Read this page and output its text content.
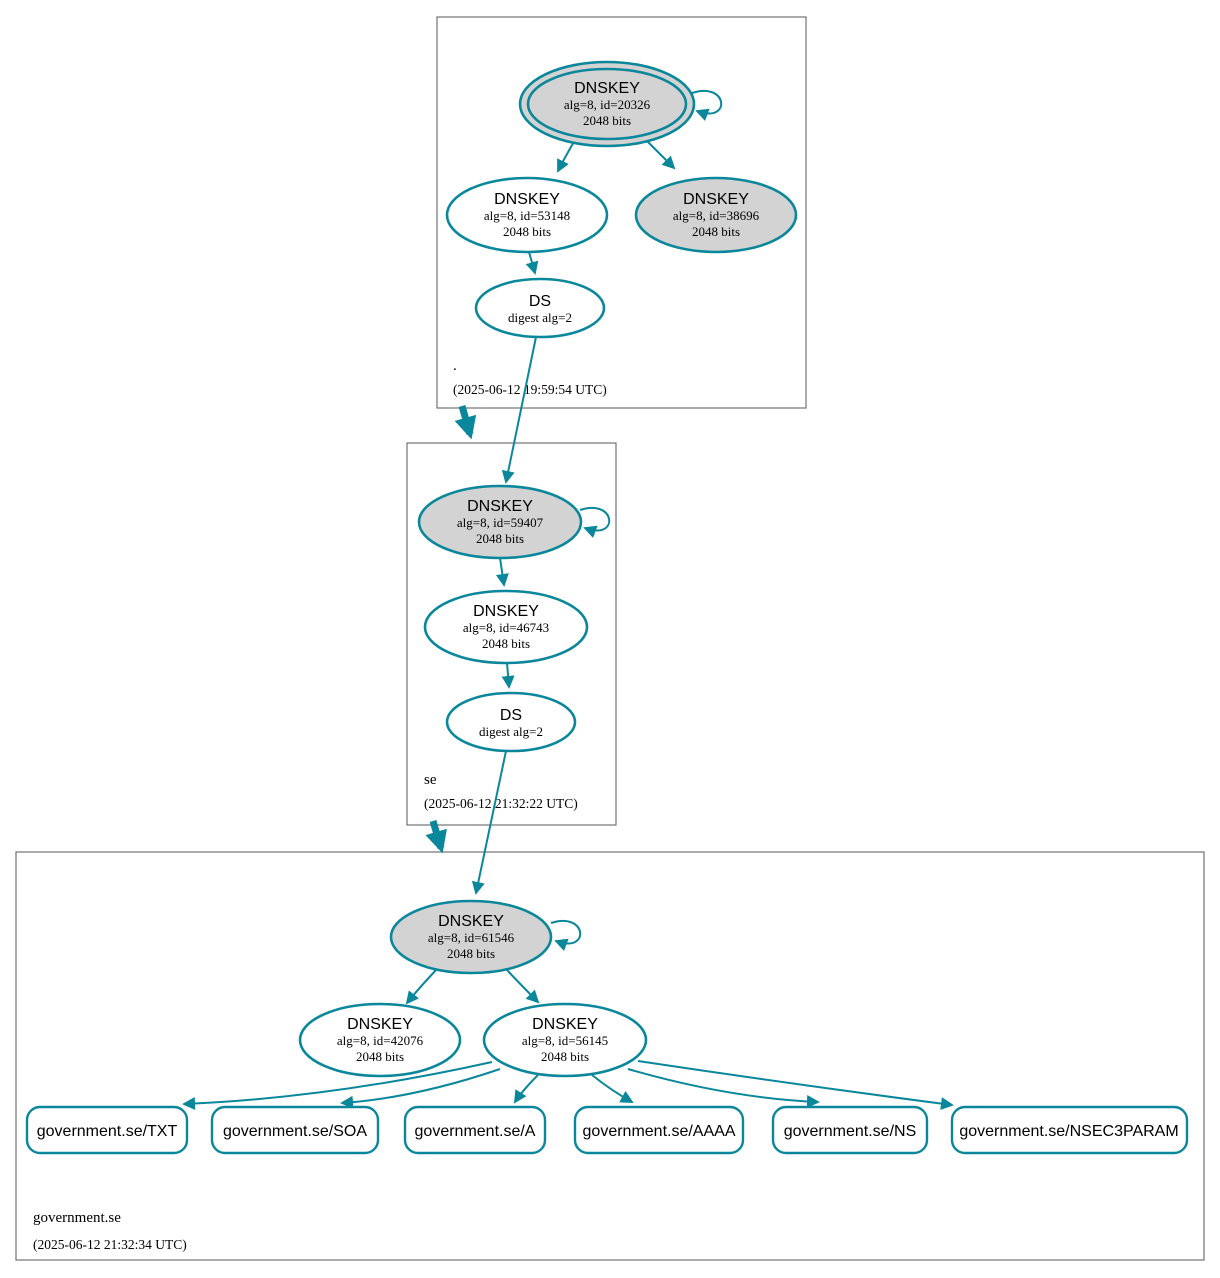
.
(2025-06-12 19:59:54 UTC)
se
(2025-06-12 21:32:22 UTC)
government.se
(2025-06-12 21:32:34 UTC)
DNSKEY
alg=8, id=20326
2048 bits
DNSKEY
alg=8, id=53148
2048 bits
DNSKEY
alg=8, id=38696
2048 bits
DS
digest alg=2
DNSKEY
alg=8, id=59407
2048 bits
DNSKEY
alg=8, id=46743
2048 bits
DS
digest alg=2
DNSKEY
alg=8, id=61546
2048 bits
DNSKEY
alg=8, id=42076
2048 bits
DNSKEY
alg=8, id=56145
2048 bits
government.se/TXT	government.se/SOA	government.se/A	government.se/AAAA	government.se/NS	government.se/NSEC3PARAM
